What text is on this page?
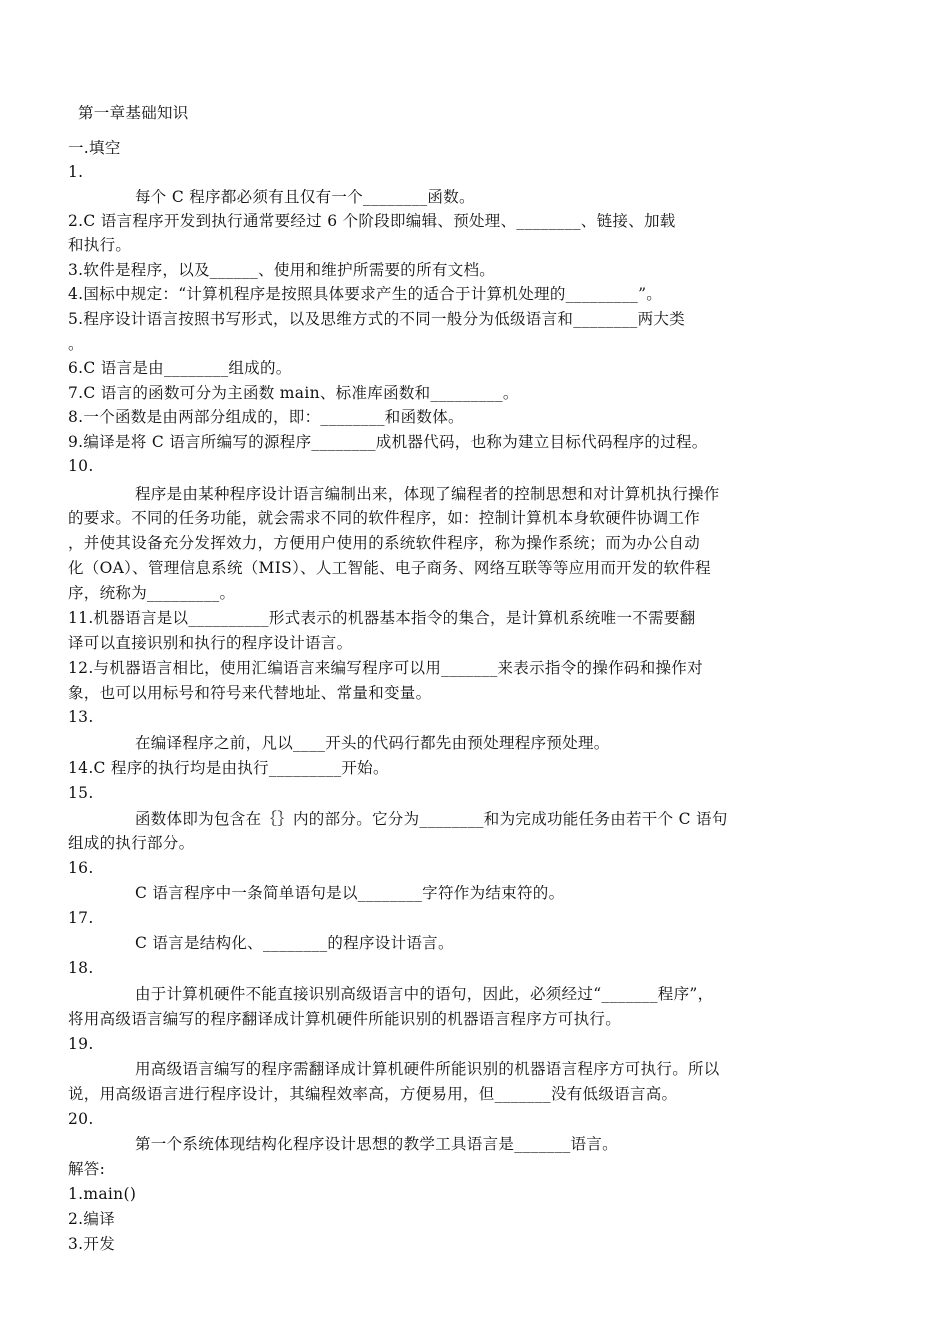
第一章基础知识

一.填空

1.

每个 C 程序都必须有且仅有一个________函数。

2.C 语言程序开发到执行通常要经过 6 个阶段即编辑、预处理、________、链接、加载

和执行。

3.软件是程序，以及______、使用和维护所需要的所有文档。

4.国标中规定：“计算机程序是按照具体要求产生的适合于计算机处理的_________”。

5.程序设计语言按照书写形式，以及思维方式的不同一般分为低级语言和________两大类

。

6.C 语言是由________组成的。

7.C 语言的函数可分为主函数 main、标准库函数和_________。

8.一个函数是由两部分组成的，即：________和函数体。

9.编译是将 C 语言所编写的源程序________成机器代码，也称为建立目标代码程序的过程。

10.

程序是由某种程序设计语言编制出来，体现了编程者的控制思想和对计算机执行操作

的要求。不同的任务功能，就会需求不同的软件程序，如：控制计算机本身软硬件协调工作

，并使其设备充分发挥效力，方便用户使用的系统软件程序，称为操作系统；而为办公自动

化（OA）、管理信息系统（MIS）、人工智能、电子商务、网络互联等等应用而开发的软件程

序，统称为_________。

11.机器语言是以__________形式表示的机器基本指令的集合，是计算机系统唯一不需要翻

译可以直接识别和执行的程序设计语言。

12.与机器语言相比，使用汇编语言来编写程序可以用_______来表示指令的操作码和操作对

象，也可以用标号和符号来代替地址、常量和变量。

13.

在编译程序之前，凡以____开头的代码行都先由预处理程序预处理。

14.C 程序的执行均是由执行_________开始。

15.

函数体即为包含在｛｝内的部分。它分为________和为完成功能任务由若干个 C 语句

组成的执行部分。

16.

C 语言程序中一条简单语句是以________字符作为结束符的。

17.

C 语言是结构化、________的程序设计语言。

18.

由于计算机硬件不能直接识别高级语言中的语句，因此，必须经过“_______程序”，

将用高级语言编写的程序翻译成计算机硬件所能识别的机器语言程序方可执行。

19.

用高级语言编写的程序需翻译成计算机硬件所能识别的机器语言程序方可执行。所以

说，用高级语言进行程序设计，其编程效率高，方便易用，但_______没有低级语言高。

20.

第一个系统体现结构化程序设计思想的教学工具语言是_______语言。

解答:

1.main()

2.编译

3.开发
